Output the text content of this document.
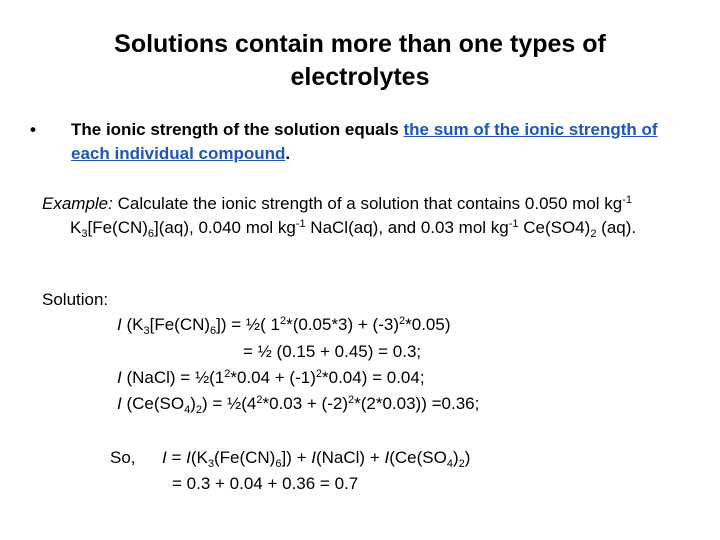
Solutions contain more than one types of
electrolytes
• The ionic strength of the solution equals the sum of the ionic strength of each individual compound.
Example: Calculate the ionic strength of a solution that contains 0.050 mol $kg^{-1}$ $K_3[Fe(CN)_6](aq)$, 0.040 mol $kg^{-1}$ NaCl(aq), and 0.03 mol $kg^{-1}$ $Ce(SO4)_2$ (aq).
Solution:
I $(K_3[Fe(CN)_6])$ = ½( $1^2*(0.05*3) + (-3)^2*0.05$)
= ½ (0.15 + 0.45) = 0.3;
I (NaCl) = $\frac{1}{2}(1^2*0.04 + (-1)^2*0.04) = 0.04$;
I $(Ce(SO_4)_2)$ = $\frac{1}{2}(4^2*0.03 + (-2)^2*(2*0.03)) =0.36$;
So, $I = I(K_3(Fe(CN)_6])$ + I(NaCl) + $I(Ce(SO_4)_2)$
= 0.3 + 0.04 + 0.36 = 0.7
